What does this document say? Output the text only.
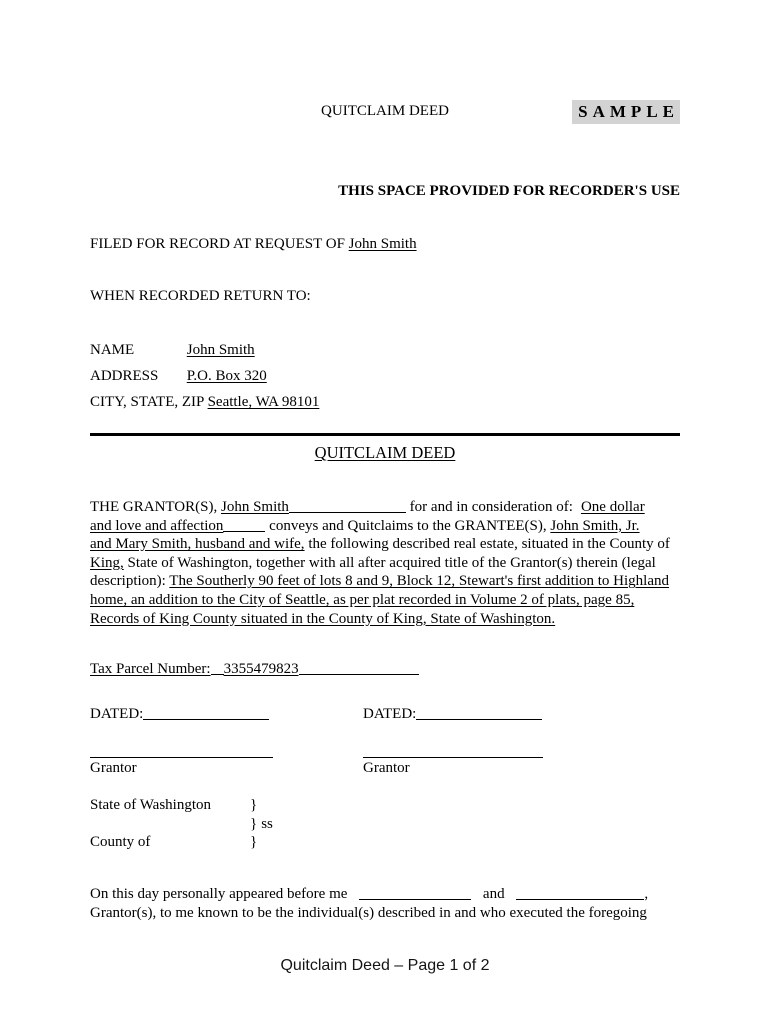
QUITCLAIM DEED	SAMPLE
THIS SPACE PROVIDED FOR RECORDER'S USE
FILED FOR RECORD AT REQUEST OF John Smith
WHEN RECORDED RETURN TO:
NAME	John Smith
ADDRESS P.O. Box 320
CITY, STATE, ZIP Seattle, WA 98101
QUITCLAIM DEED
THE GRANTOR(S), John Smith	for and in consideration of: One dollar
and love and affection	conveys and Quitclaims to the GRANTEE(S), John Smith, Jr.
and Mary Smith, husband and wife, the following described real estate, situated in the County of
King, State of Washington, together with all after acquired title of the Grantor(s) therein (legal
description): The Southerly 90 feet of lots 8 and 9, Block 12, Stewart's first addition to Highland
home, an addition to the City of Seattle, as per plat recorded in Volume 2 of plats, page 85,
Records of King County situated in the County of King, State of Washington.
Tax Parcel Number: 3355479823
DATED:	DATED:
Grantor	Grantor
State of Washington	}
} ss
County of	}
On this day personally appeared before me	and	,
Grantor(s), to me known to be the individual(s) described in and who executed the foregoing
Quitclaim Deed – Page 1 of 2
